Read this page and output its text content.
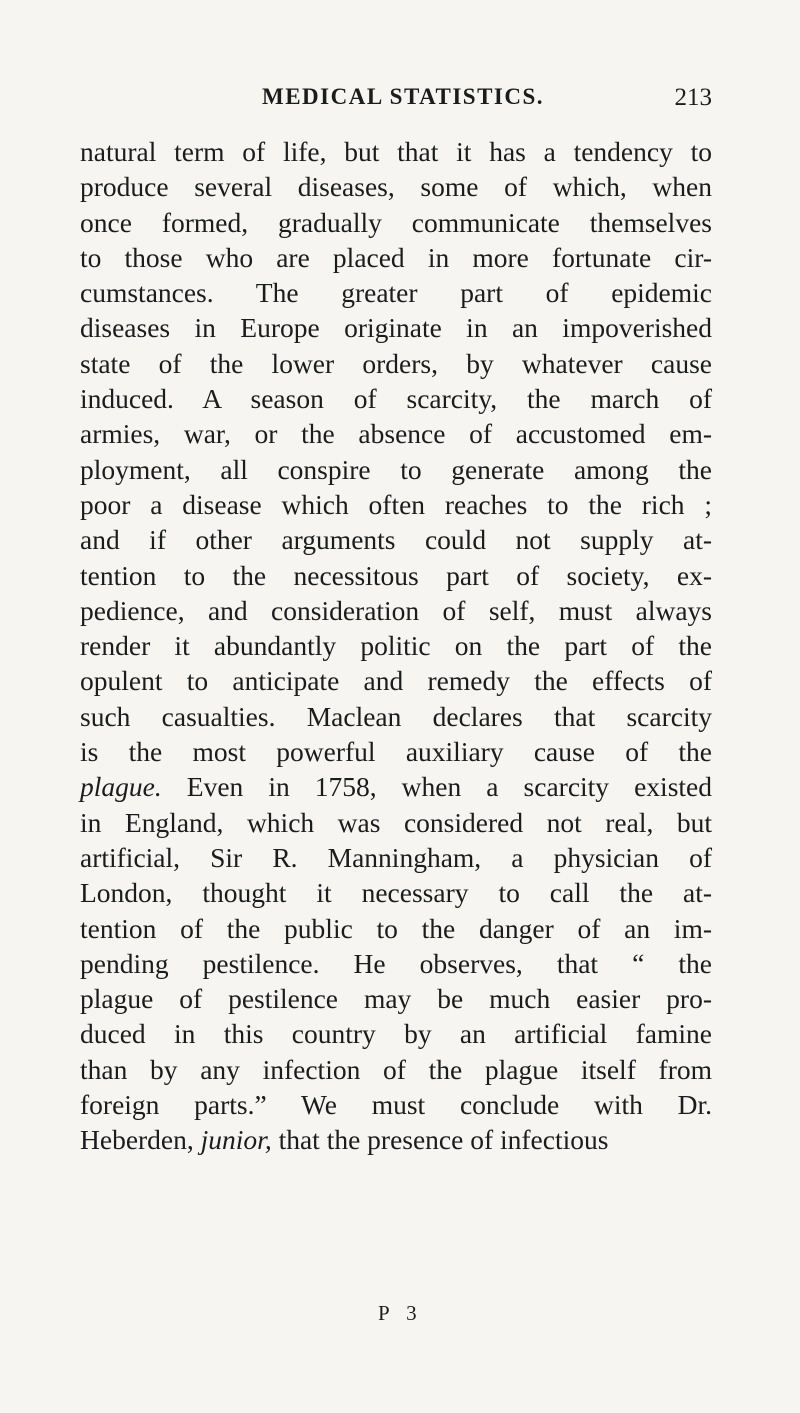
MEDICAL STATISTICS.	213
natural term of life, but that it has a tendency to
produce several diseases, some of which, when
once formed, gradually communicate themselves
to those who are placed in more fortunate cir-
cumstances. The greater part of epidemic
diseases in Europe originate in an impoverished
state of the lower orders, by whatever cause
induced. A season of scarcity, the march of
armies, war, or the absence of accustomed em-
ployment, all conspire to generate among the
poor a disease which often reaches to the rich ;
and if other arguments could not supply at-
tention to the necessitous part of society, ex-
pedience, and consideration of self, must always
render it abundantly politic on the part of the
opulent to anticipate and remedy the effects of
such casualties. Maclean declares that scarcity
is the most powerful auxiliary cause of the
plague. Even in 1758, when a scarcity existed
in England, which was considered not real, but
artificial, Sir R. Manningham, a physician of
London, thought it necessary to call the at-
tention of the public to the danger of an im-
pending pestilence. He observes, that “ the
plague of pestilence may be much easier pro-
duced in this country by an artificial famine
than by any infection of the plague itself from
foreign parts.” We must conclude with Dr.
Heberden, junior, that the presence of infectious
P 3
